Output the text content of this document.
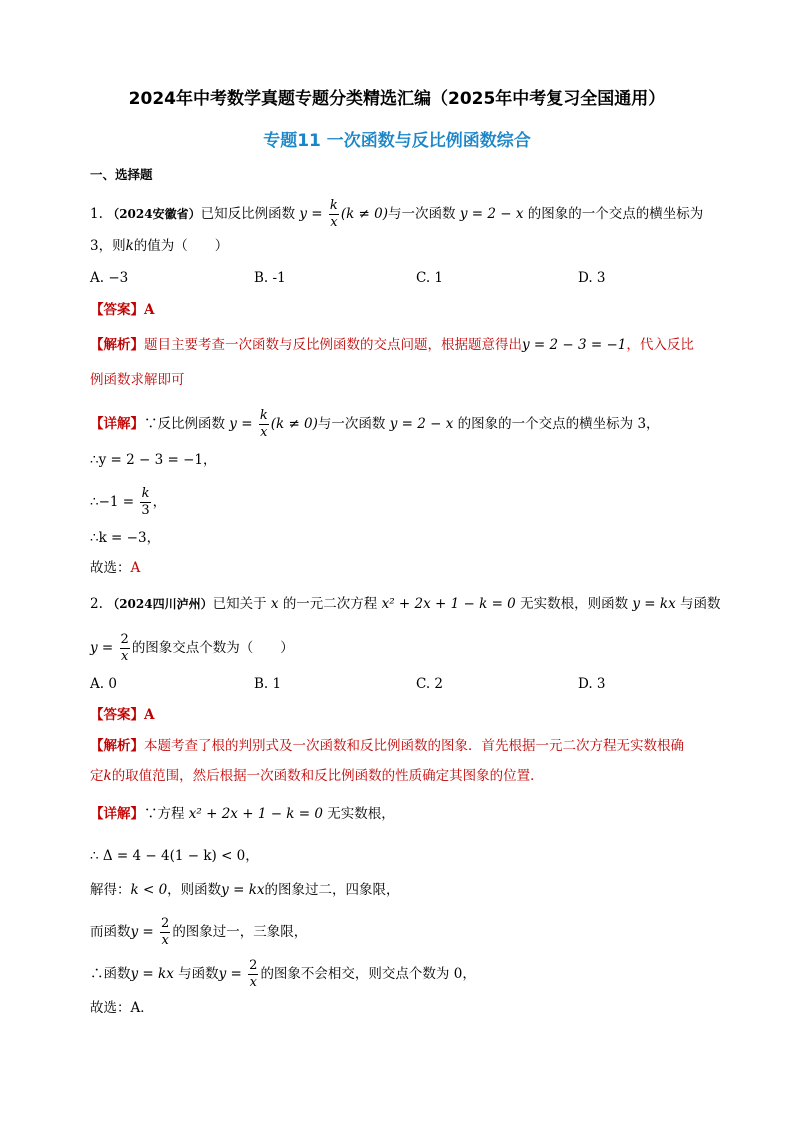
2024年中考数学真题专题分类精选汇编（2025年中考复习全国通用）
专题11 一次函数与反比例函数综合
一、选择题
1. （2024安徽省）已知反比例函数 $y = \frac{k}{x} (k \ne 0)$与一次函数 y = 2 − x 的图象的一个交点的横坐标为
3，则k的值为（　　）
A. −3	B. -1	C. 1	D. 3
【答案】A
【解析】题目主要考查一次函数与反比例函数的交点问题，根据题意得出y = 2 − 3 = −1，代入反比
例函数求解即可
【详解】∵反比例函数 $y = \frac{k}{x} (k \ne 0)$与一次函数 y = 2 − x 的图象的一个交点的横坐标为 3，
∴y = 2 − 3 = −1，
∴−1 = $\frac{k}{3}$ ，
∴k = −3，
故选：A
2. （2024四川泸州）已知关于 x 的一元二次方程 x² + 2x + 1 − k = 0 无实数根，则函数 y = kx 与函数
$y = \frac{2}{x}$ 的图象交点个数为（　　）
A. 0	B. 1	C. 2	D. 3
【答案】A
【解析】本题考查了根的判别式及一次函数和反比例函数的图象．首先根据一元二次方程无实数根确
定k的取值范围，然后根据一次函数和反比例函数的性质确定其图象的位置．
【详解】∵方程 x² + 2x + 1 − k = 0 无实数根，
∴ Δ = 4 − 4(1 − k) < 0，
解得：k < 0，则函数y = kx的图象过二，四象限，
而函数$y = \frac{2}{x}$ 的图象过一，三象限，
∴函数y = kx 与函数$y = \frac{2}{x}$ 的图象不会相交，则交点个数为 0，
故选：A．
